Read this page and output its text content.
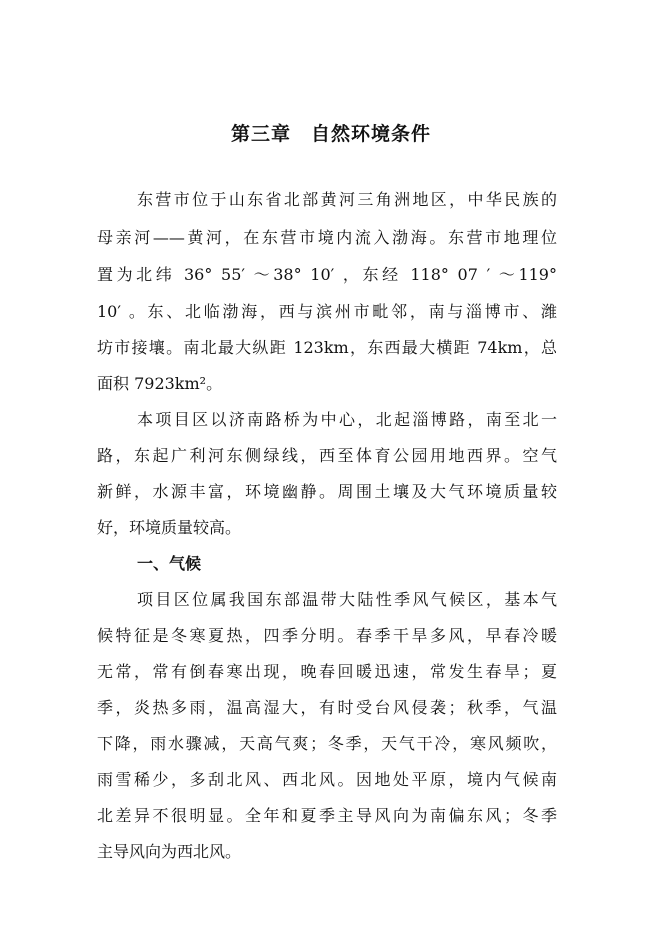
第三章　自然环境条件
东营市位于山东省北部黄河三角洲地区，中华民族的
母亲河——黄河，在东营市境内流入渤海。东营市地理位
置为北纬 36° 55′ ～38° 10′ ，东经 118° 07 ′ ～119°
10′ 。东、北临渤海，西与滨州市毗邻，南与淄博市、潍
坊市接壤。南北最大纵距 123km，东西最大横距 74km，总
面积 7923km²。
本项目区以济南路桥为中心，北起淄博路，南至北一
路，东起广利河东侧绿线，西至体育公园用地西界。空气
新鲜，水源丰富，环境幽静。周围土壤及大气环境质量较
好，环境质量较高。
一、气候
项目区位属我国东部温带大陆性季风气候区，基本气
候特征是冬寒夏热，四季分明。春季干旱多风，早春冷暖
无常，常有倒春寒出现，晚春回暖迅速，常发生春旱；夏
季，炎热多雨，温高湿大，有时受台风侵袭；秋季，气温
下降，雨水骤减，天高气爽；冬季，天气干冷，寒风频吹，
雨雪稀少，多刮北风、西北风。因地处平原，境内气候南
北差异不很明显。全年和夏季主导风向为南偏东风；冬季
主导风向为西北风。
